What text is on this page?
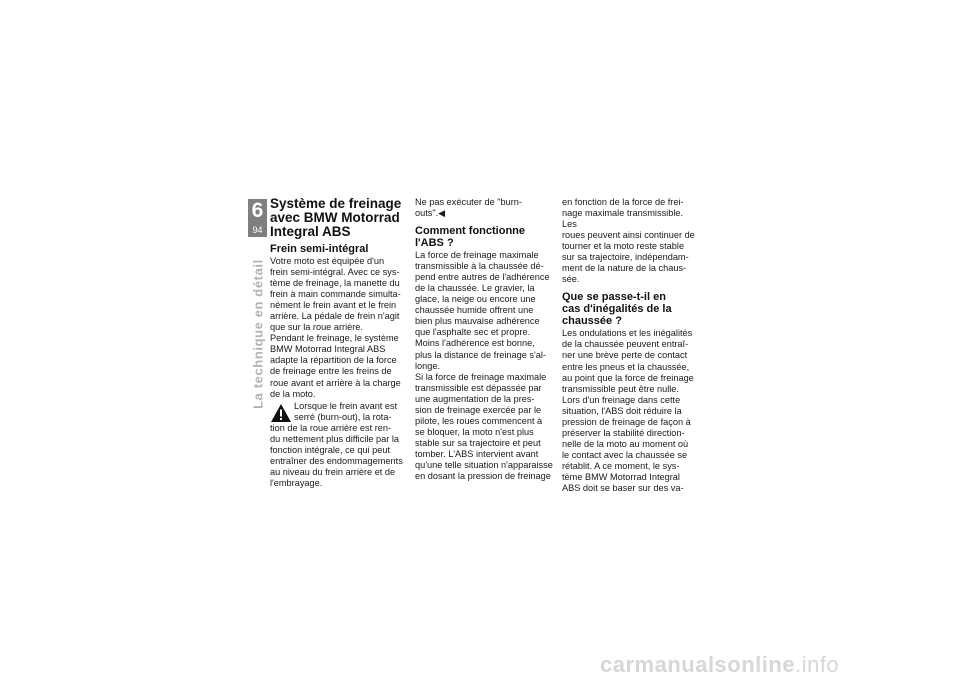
6
94
La technique en détail
Système de freinage
avec BMW Motorrad
Integral ABS
Frein semi-intégral

Votre moto est équipée d'un
frein semi-intégral. Avec ce sys-
tème de freinage, la manette du
frein à main commande simulta-
nément le frein avant et le frein
arrière. La pédale de frein n'agit
que sur la roue arrière.

Pendant le freinage, le système
BMW Motorrad Integral ABS
adapte la répartition de la force
de freinage entre les freins de
roue avant et arrière à la charge
de la moto.

Lorsque le frein avant est
serré (burn-out), la rota-
tion de la roue arrière est ren-
du nettement plus difficile par la
fonction intégrale, ce qui peut
entraîner des endommagements
au niveau du frein arrière et de
l'embrayage.

Ne pas exécuter de "burn-
outs".◀

Comment fonctionne
l'ABS ?

La force de freinage maximale
transmissible à la chaussée dé-
pend entre autres de l'adhérence
de la chaussée. Le gravier, la
glace, la neige ou encore une
chaussée humide offrent une
bien plus mauvaise adhérence
que l'asphalte sec et propre.
Moins l'adhérence est bonne,
plus la distance de freinage s'al-
longe.

Si la force de freinage maximale
transmissible est dépassée par
une augmentation de la pres-
sion de freinage exercée par le
pilote, les roues commencent à
se bloquer, la moto n'est plus
stable sur sa trajectoire et peut
tomber. L'ABS intervient avant
qu'une telle situation n'apparaisse
en dosant la pression de freinage

en fonction de la force de frei-
nage maximale transmissible. Les
roues peuvent ainsi continuer de
tourner et la moto reste stable
sur sa trajectoire, indépendam-
ment de la nature de la chaus-
sée.

Que se passe-t-il en
cas d'inégalités de la
chaussée ?

Les ondulations et les inégalités
de la chaussée peuvent entraî-
ner une brève perte de contact
entre les pneus et la chaussée,
au point que la force de freinage
transmissible peut être nulle.

Lors d'un freinage dans cette
situation, l'ABS doit réduire la
pression de freinage de façon à
préserver la stabilité direction-
nelle de la moto au moment où
le contact avec la chaussée se
rétablit. A ce moment, le sys-
tème BMW Motorrad Integral
ABS doit se baser sur des va-

carmanualsonline.info
